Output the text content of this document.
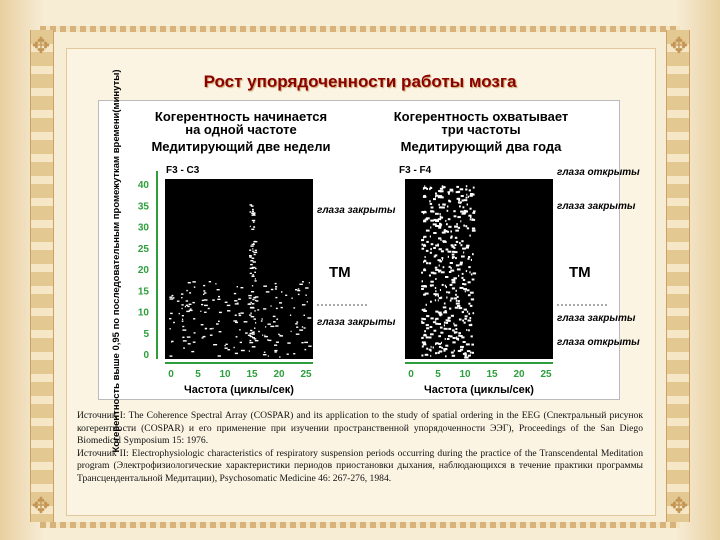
✥	✥
✥	✥
Рост упорядоченности работы мозга
Когерентность начинается
на одной частоте
Медитирующий две недели
Когерентность охватывает
три частоты
Медитирующий два года
Когерентность выше 0,95 по последовательным промежуткам времени(минуты) 40
35
30
25
20
15
10
5
0
F3 - C3	F3 - F4
глаза закрыты
глаза закрыты
TM
глаза открыты
глаза закрыты
TM
глаза закрыты
глаза открыты
0 5 10 15 20 25	0 5 10 15 20 25
Частота (циклы/сек)	Частота (циклы/сек)

Источник I: The Coherence Spectral Array (COSPAR) and its application to the study of spatial ordering in the EEG (Спектральный рисунок когерентности (COSPAR) и его применение при изучении пространственной упорядоченности ЭЭГ), Proceedings of the San Diego Biomedical Symposium 15: 1976.

Источник II: Electrophysiologic characteristics of respiratory suspension periods occurring during the practice of the Transcendental Meditation program (Электрофизиологические характеристики периодов приостановки дыхания, наблюдающихся в течение практики программы Трансцендентальной Медитации), Psychosomatic Medicine 46: 267-276, 1984.
